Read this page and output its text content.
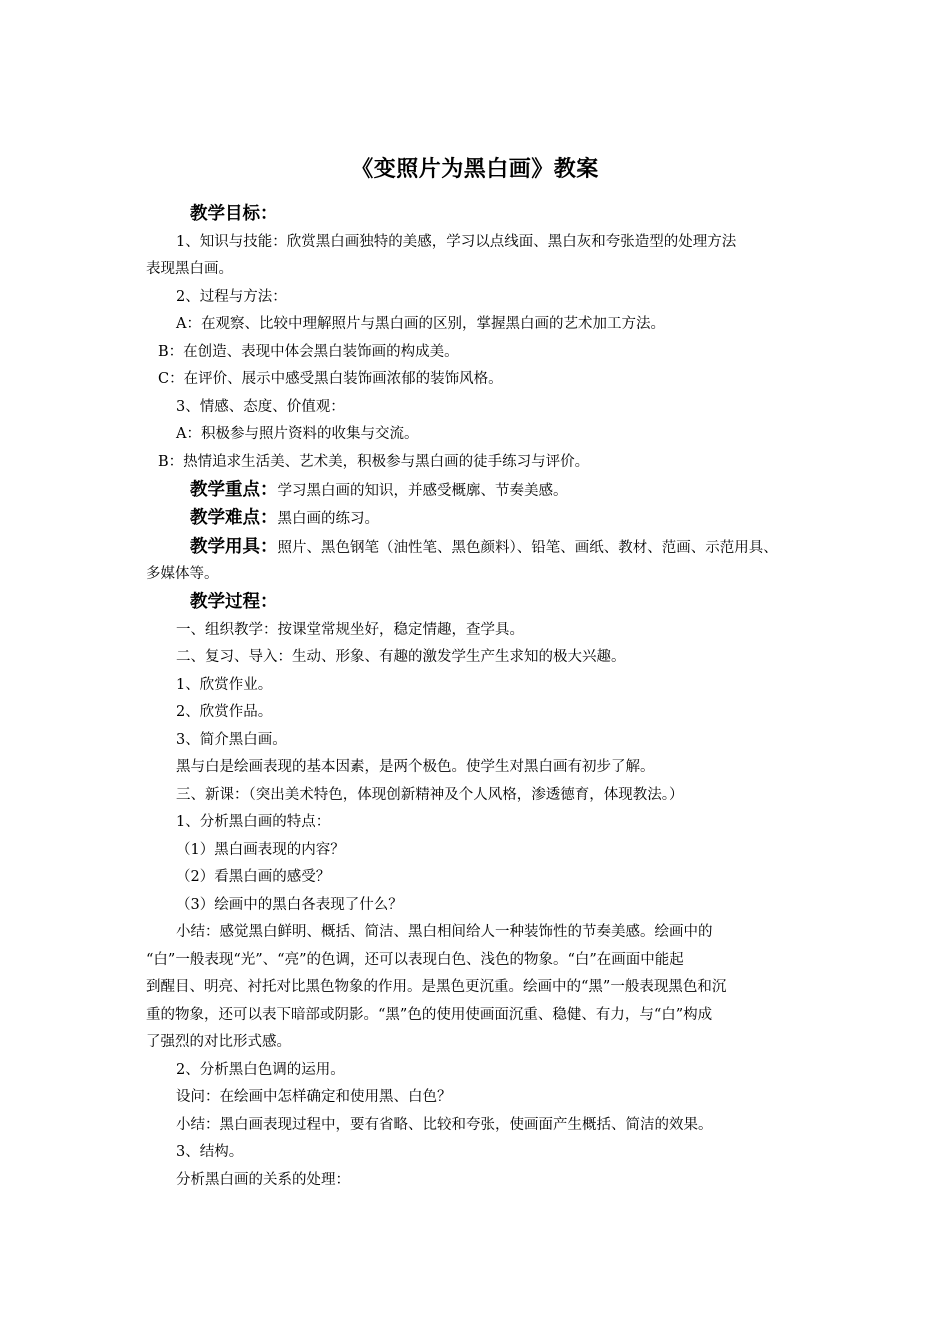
《变照片为黑白画》教案
教学目标：
1、知识与技能：欣赏黑白画独特的美感，学习以点线面、黑白灰和夸张造型的处理方法
表现黑白画。
2、过程与方法：
A：在观察、比较中理解照片与黑白画的区别，掌握黑白画的艺术加工方法。
B：在创造、表现中体会黑白装饰画的构成美。
C：在评价、展示中感受黑白装饰画浓郁的装饰风格。
3、情感、态度、价值观：
A：积极参与照片资料的收集与交流。
B：热情追求生活美、艺术美，积极参与黑白画的徒手练习与评价。
教学重点：学习黑白画的知识，并感受概廓、节奏美感。
教学难点：黑白画的练习。
教学用具：照片、黑色钢笔（油性笔、黑色颜料）、铅笔、画纸、教材、范画、示范用具、
多媒体等。
教学过程：
一、组织教学：按课堂常规坐好，稳定情趣，查学具。
二、复习、导入：生动、形象、有趣的激发学生产生求知的极大兴趣。
1、欣赏作业。
2、欣赏作品。
3、简介黑白画。
黑与白是绘画表现的基本因素，是两个极色。使学生对黑白画有初步了解。
三、新课：（突出美术特色，体现创新精神及个人风格，渗透德育，体现教法。）
1、分析黑白画的特点：
（1）黑白画表现的内容？
（2）看黑白画的感受？
（3）绘画中的黑白各表现了什么？
小结：感觉黑白鲜明、概括、简洁、黑白相间给人一种装饰性的节奏美感。绘画中的
“白”一般表现“光”、“亮”的色调，还可以表现白色、浅色的物象。“白”在画面中能起
到醒目、明亮、衬托对比黑色物象的作用。是黑色更沉重。绘画中的“黑”一般表现黑色和沉
重的物象，还可以表下暗部或阴影。“黑”色的使用使画面沉重、稳健、有力，与“白”构成
了强烈的对比形式感。
2、分析黑白色调的运用。
设问：在绘画中怎样确定和使用黑、白色？
小结：黑白画表现过程中，要有省略、比较和夸张，使画面产生概括、简洁的效果。
3、结构。
分析黑白画的关系的处理：
